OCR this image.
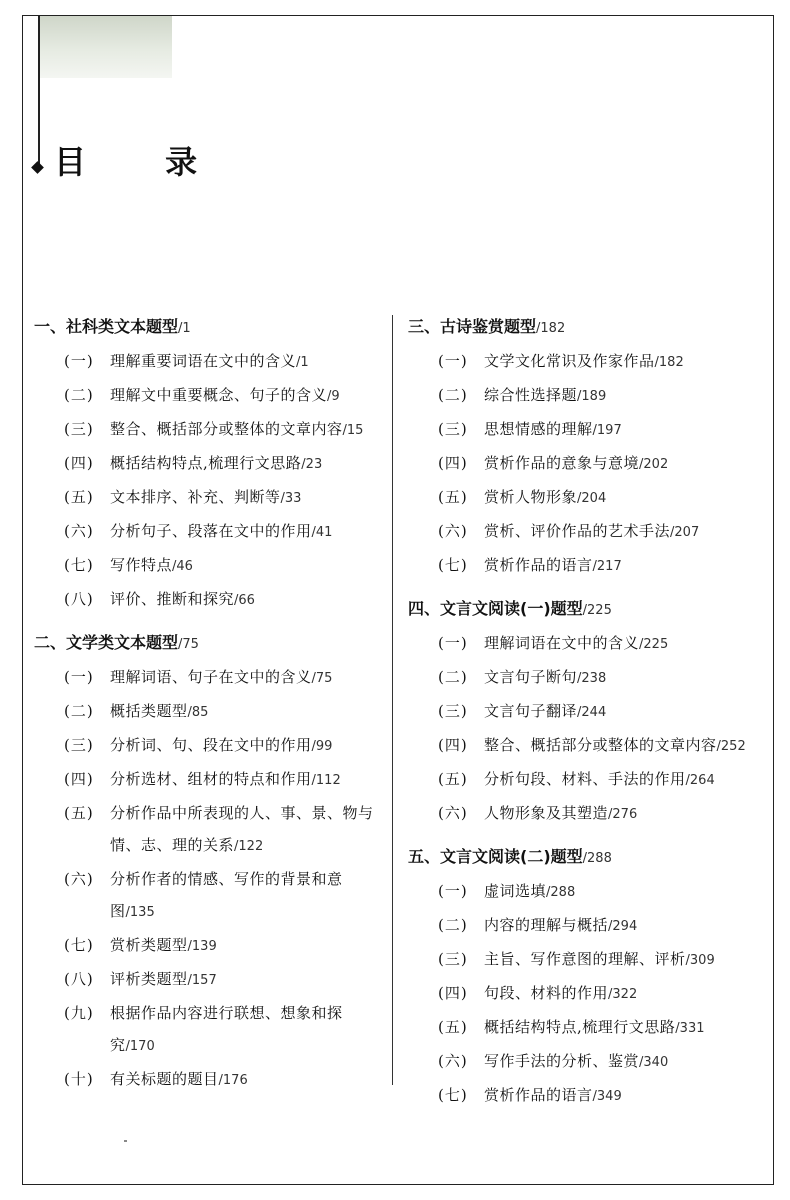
目 录
一、社科类文本题型/1
(一)	理解重要词语在文中的含义/1
(二)	理解文中重要概念、句子的含义/9
(三)	整合、概括部分或整体的文章内容/15
(四)	概括结构特点,梳理行文思路/23
(五)	文本排序、补充、判断等/33
(六)	分析句子、段落在文中的作用/41
(七)	写作特点/46
(八)	评价、推断和探究/66
二、文学类文本题型/75
(一)	理解词语、句子在文中的含义/75
(二)	概括类题型/85
(三)	分析词、句、段在文中的作用/99
(四)	分析选材、组材的特点和作用/112
(五)	分析作品中所表现的人、事、景、物与情、志、理的关系/122
(六)	分析作者的情感、写作的背景和意图/135
(七)	赏析类题型/139
(八)	评析类题型/157
(九)	根据作品内容进行联想、想象和探究/170
(十)	有关标题的题目/176
三、古诗鉴赏题型/182
(一)	文学文化常识及作家作品/182
(二)	综合性选择题/189
(三)	思想情感的理解/197
(四)	赏析作品的意象与意境/202
(五)	赏析人物形象/204
(六)	赏析、评价作品的艺术手法/207
(七)	赏析作品的语言/217
四、文言文阅读(一)题型/225
(一)	理解词语在文中的含义/225
(二)	文言句子断句/238
(三)	文言句子翻译/244
(四)	整合、概括部分或整体的文章内容/252
(五)	分析句段、材料、手法的作用/264
(六)	人物形象及其塑造/276
五、文言文阅读(二)题型/288
(一)	虚词选填/288
(二)	内容的理解与概括/294
(三)	主旨、写作意图的理解、评析/309
(四)	句段、材料的作用/322
(五)	概括结构特点,梳理行文思路/331
(六)	写作手法的分析、鉴赏/340
(七)	赏析作品的语言/349
